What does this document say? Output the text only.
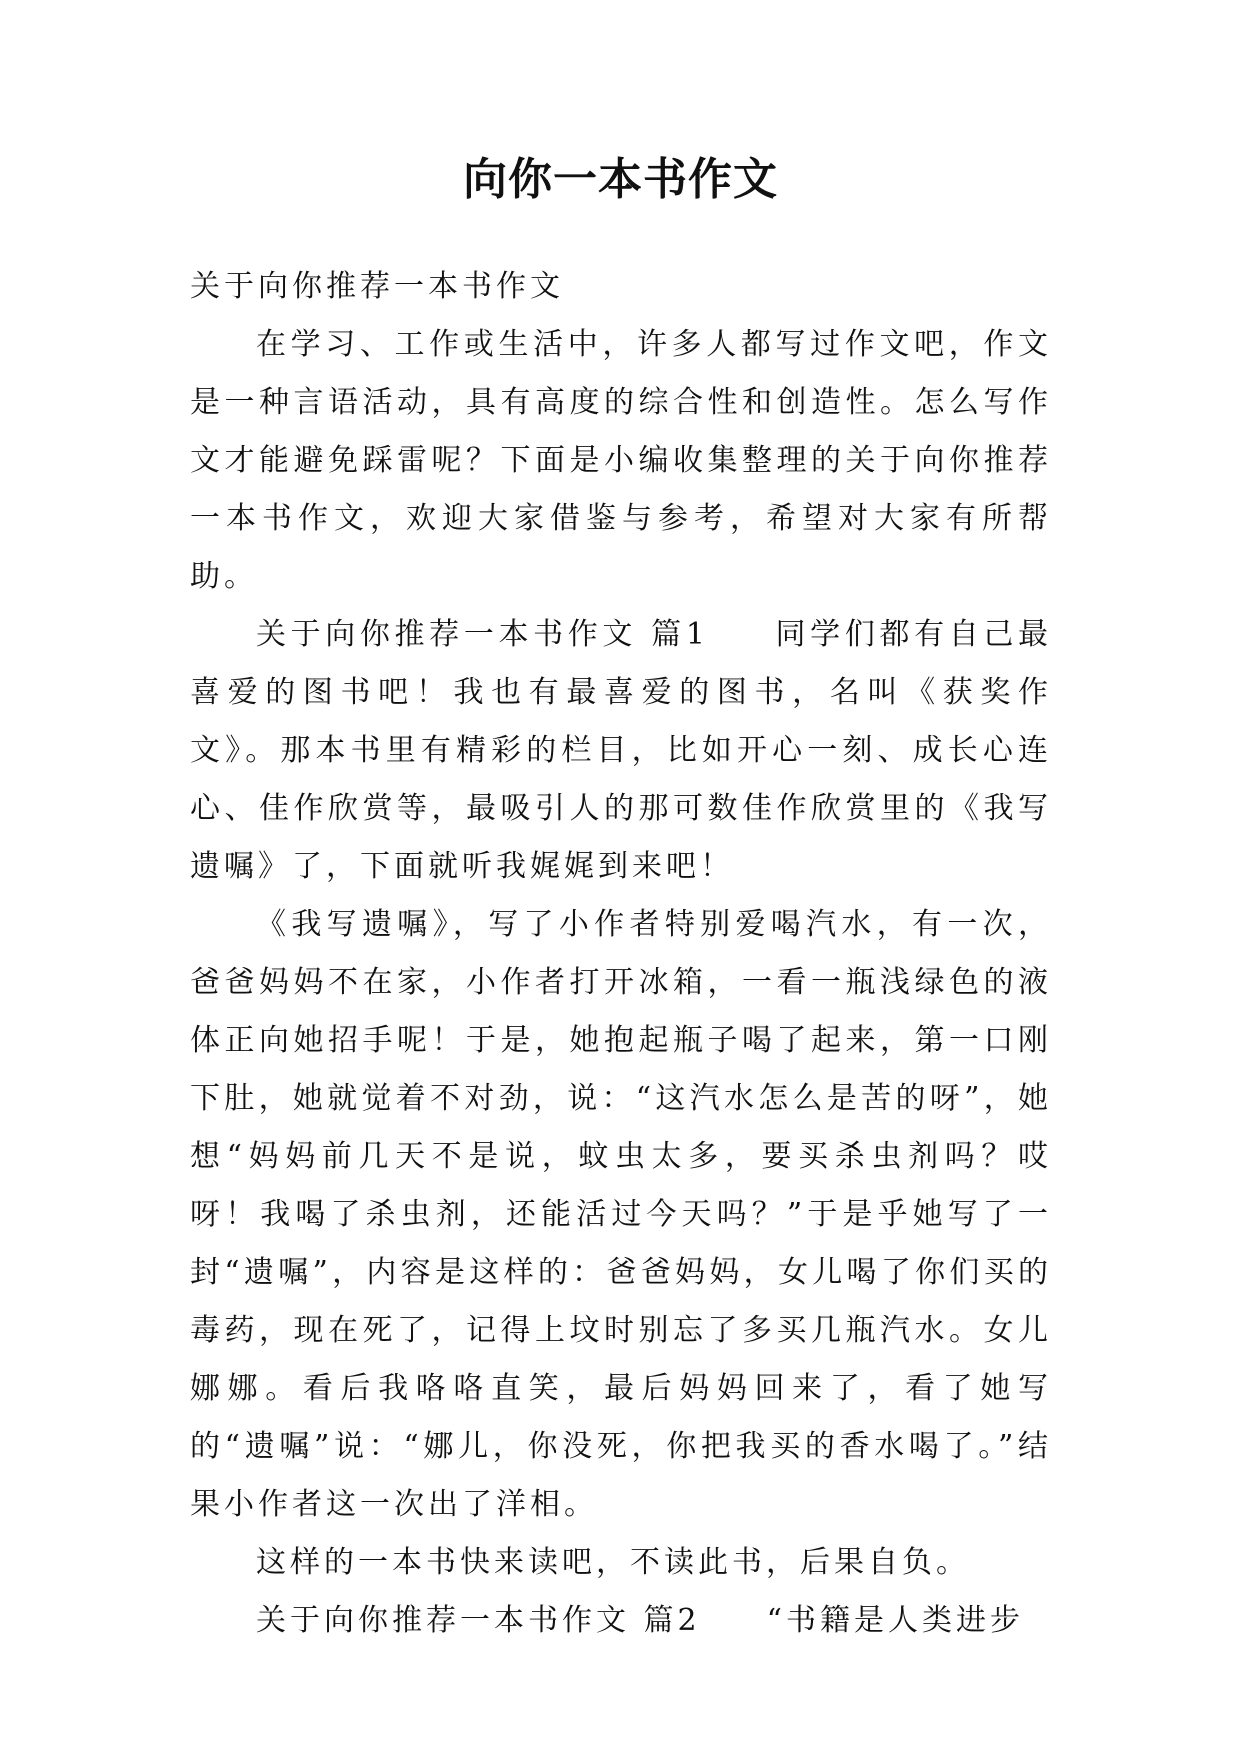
向你一本书作文

关于向你推荐一本书作文

在学习、工作或生活中，许多人都写过作文吧，作文是一种言语活动，具有高度的综合性和创造性。怎么写作文才能避免踩雷呢？下面是小编收集整理的关于向你推荐一本书作文，欢迎大家借鉴与参考，希望对大家有所帮助。

关于向你推荐一本书作文 篇1 同学们都有自己最喜爱的图书吧！我也有最喜爱的图书，名叫《获奖作文》。那本书里有精彩的栏目，比如开心一刻、成长心连心、佳作欣赏等，最吸引人的那可数佳作欣赏里的《我写遗嘱》了，下面就听我娓娓到来吧！

《我写遗嘱》，写了小作者特别爱喝汽水，有一次，爸爸妈妈不在家，小作者打开冰箱，一看一瓶浅绿色的液体正向她招手呢！于是，她抱起瓶子喝了起来，第一口刚下肚，她就觉着不对劲，说：“这汽水怎么是苦的呀”，她想“妈妈前几天不是说，蚊虫太多，要买杀虫剂吗？哎呀！我喝了杀虫剂，还能活过今天吗？”于是乎她写了一封“遗嘱”，内容是这样的：爸爸妈妈，女儿喝了你们买的毒药，现在死了，记得上坟时别忘了多买几瓶汽水。女儿娜娜。看后我咯咯直笑，最后妈妈回来了，看了她写的“遗嘱”说：“娜儿，你没死，你把我买的香水喝了。”结果小作者这一次出了洋相。

这样的一本书快来读吧，不读此书，后果自负。

关于向你推荐一本书作文 篇2 “书籍是人类进步
